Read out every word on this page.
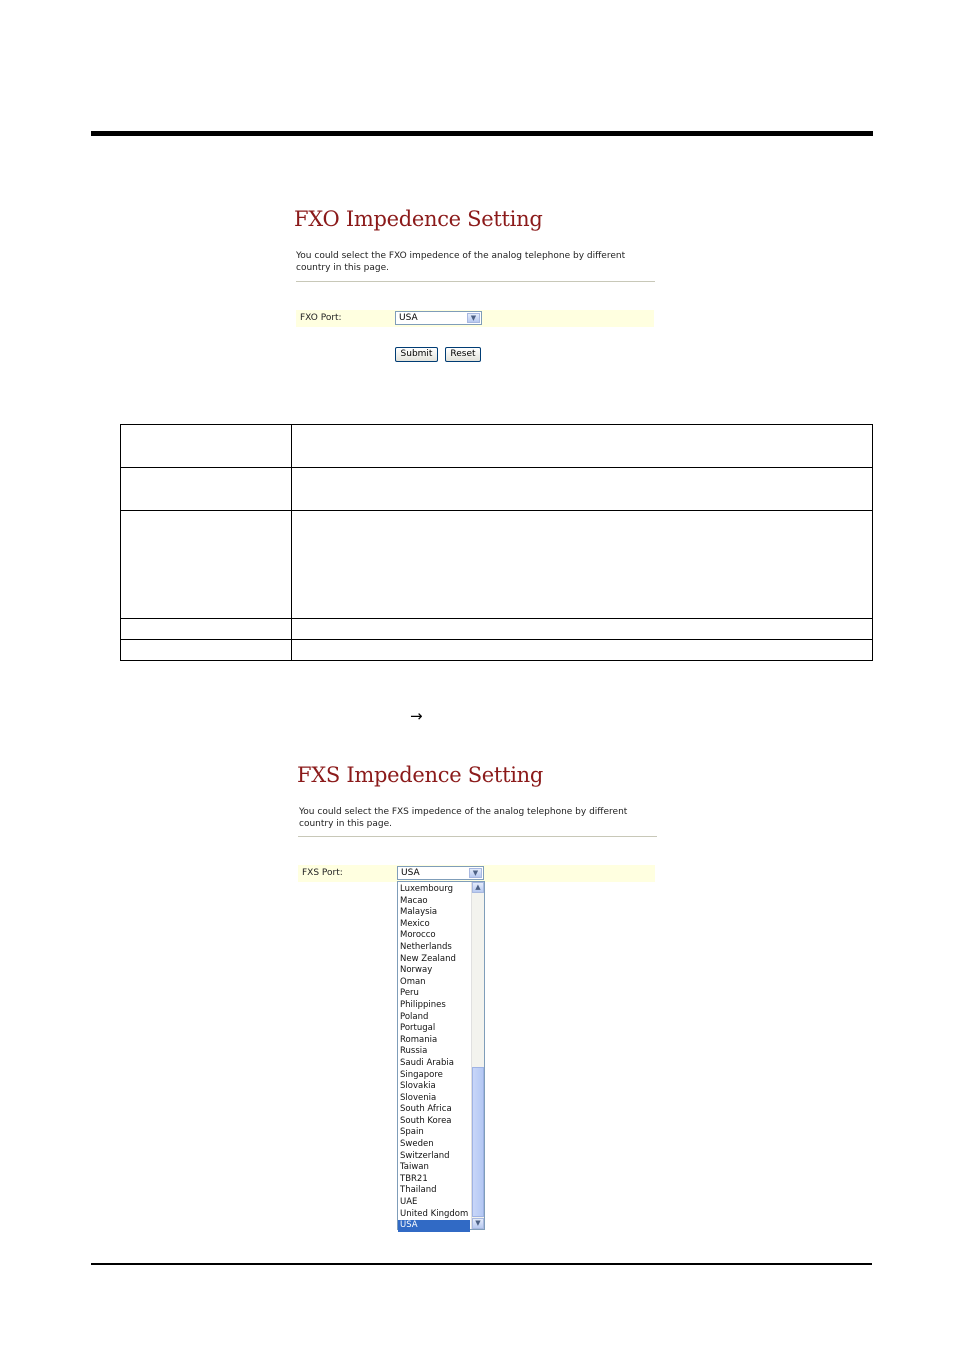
FXO Impedence Setting
You could select the FXO impedence of the analog telephone by different country in this page.
FXO Port:	USA	▼
Submit	Reset

→
FXS Impedence Setting
You could select the FXS impedence of the analog telephone by different country in this page.
FXS Port:	USA	▼
Luxembourg
Macao
Malaysia
Mexico
Morocco
Netherlands
New Zealand
Norway
Oman
Peru
Philippines
Poland
Portugal
Romania
Russia
Saudi Arabia
Singapore
Slovakia
Slovenia
South Africa
South Korea
Spain
Sweden
Switzerland
Taiwan
TBR21
Thailand
UAE
United Kingdom
USA
▲
▼
